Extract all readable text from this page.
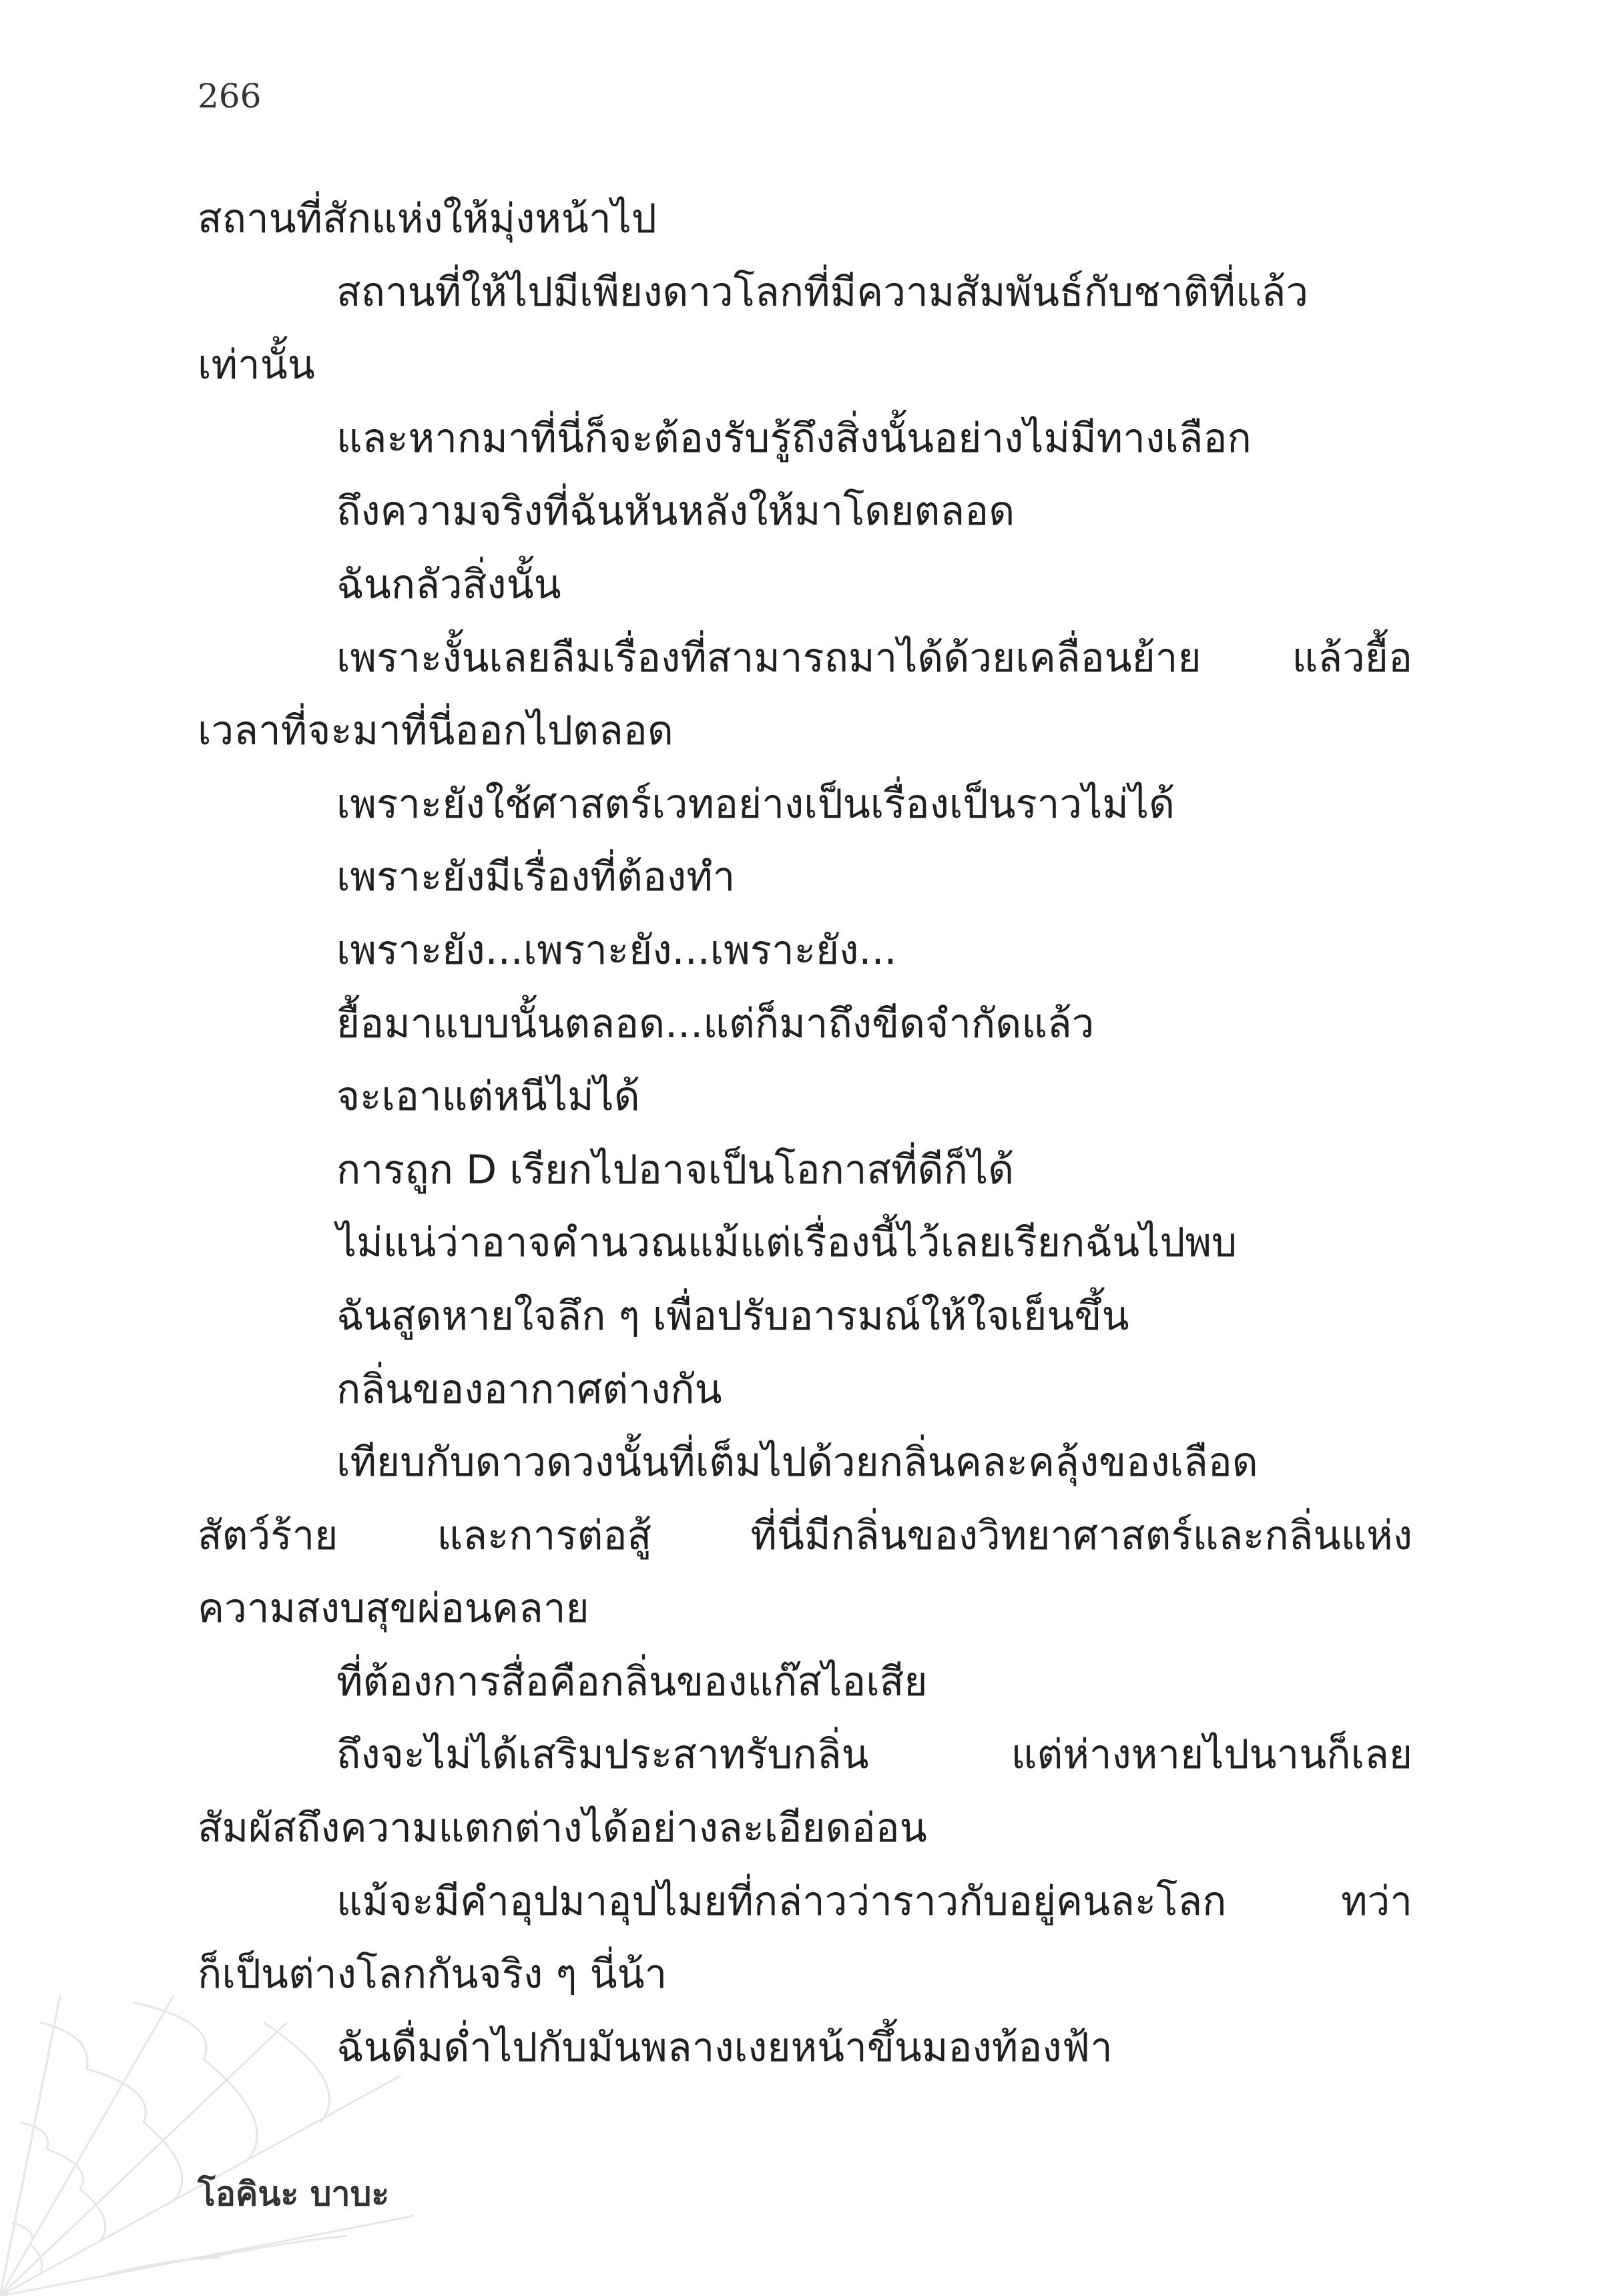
266
สถานที่สักแห่งให้มุ่งหน้าไป
สถานที่ให้ไปมีเพียงดาวโลกที่มีความสัมพันธ์กับชาติที่แล้ว
เท่านั้น
และหากมาที่นี่ก็จะต้องรับรู้ถึงสิ่งนั้นอย่างไม่มีทางเลือก
ถึงความจริงที่ฉันหันหลังให้มาโดยตลอด
ฉันกลัวสิ่งนั้น
เพราะงั้นเลยลืมเรื่องที่สามารถมาได้ด้วยเคลื่อนย้าย แล้วยื้อ
เวลาที่จะมาที่นี่ออกไปตลอด
เพราะยังใช้ศาสตร์เวทอย่างเป็นเรื่องเป็นราวไม่ได้
เพราะยังมีเรื่องที่ต้องทำ
เพราะยัง...เพราะยัง...เพราะยัง...
ยื้อมาแบบนั้นตลอด...แต่ก็มาถึงขีดจำกัดแล้ว
จะเอาแต่หนีไม่ได้
การถูก D เรียกไปอาจเป็นโอกาสที่ดีก็ได้
ไม่แน่ว่าอาจคำนวณแม้แต่เรื่องนี้ไว้เลยเรียกฉันไปพบ
ฉันสูดหายใจลึก ๆ เพื่อปรับอารมณ์ให้ใจเย็นขึ้น
กลิ่นของอากาศต่างกัน
เทียบกับดาวดวงนั้นที่เต็มไปด้วยกลิ่นคละคลุ้งของเลือด
สัตว์ร้าย และการต่อสู้ ที่นี่มีกลิ่นของวิทยาศาสตร์และกลิ่นแห่ง
ความสงบสุขผ่อนคลาย
ที่ต้องการสื่อคือกลิ่นของแก๊สไอเสีย
ถึงจะไม่ได้เสริมประสาทรับกลิ่น แต่ห่างหายไปนานก็เลย
สัมผัสถึงความแตกต่างได้อย่างละเอียดอ่อน
แม้จะมีคำอุปมาอุปไมยที่กล่าวว่าราวกับอยู่คนละโลก ทว่า
ก็เป็นต่างโลกกันจริง ๆ นี่น้า
ฉันดื่มด่ำไปกับมันพลางเงยหน้าขึ้นมองท้องฟ้า
โอคินะ บาบะ
